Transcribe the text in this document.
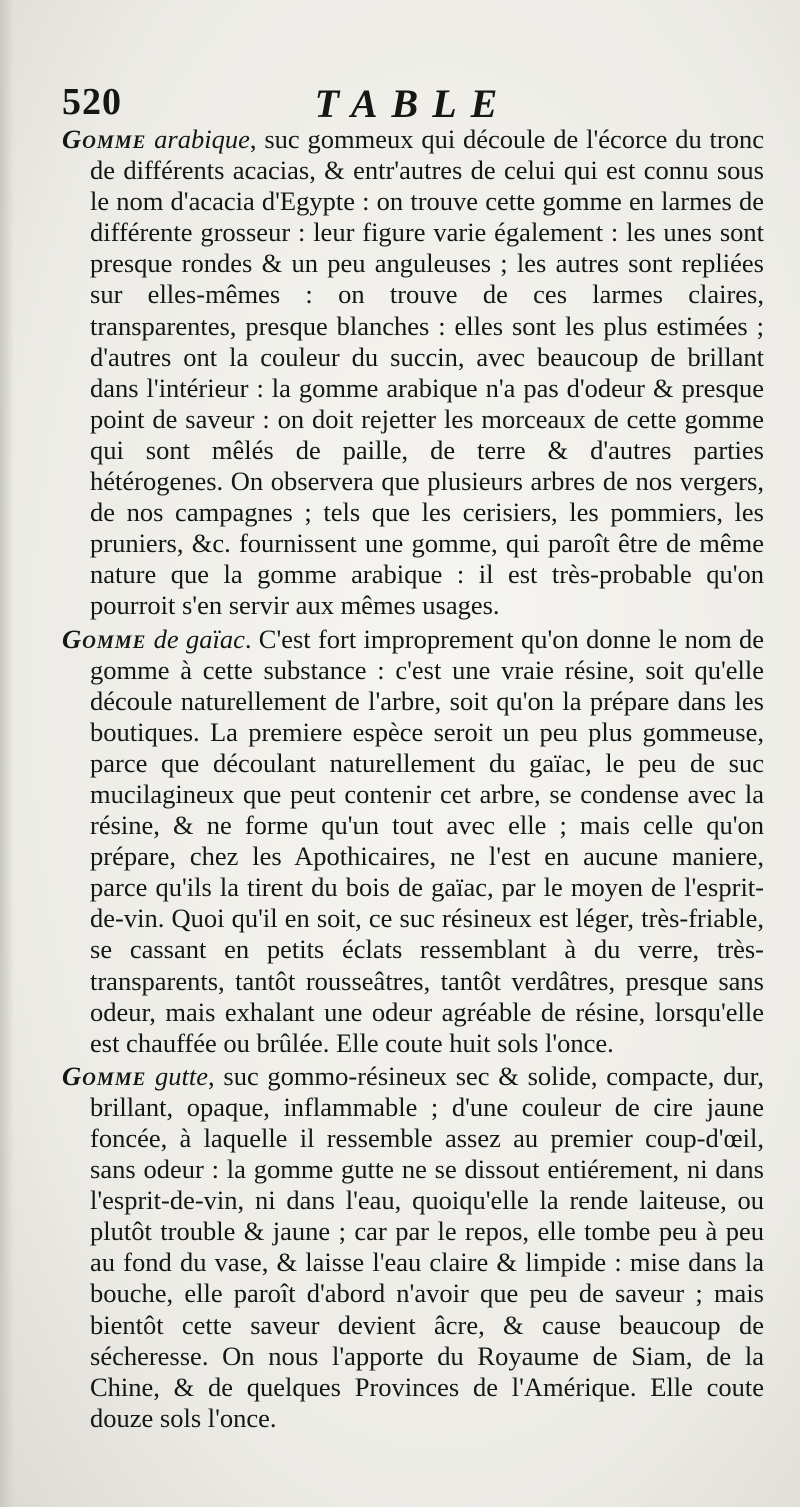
520	TABLE

Gomme arabique, suc gommeux qui découle de l'écorce du tronc de différents acacias, & entr'autres de celui qui est connu sous le nom d'acacia d'Egypte : on trouve cette gomme en larmes de différente grosseur : leur figure varie également : les unes sont presque rondes & un peu anguleuses ; les autres sont repliées sur elles-mêmes : on trouve de ces larmes claires, transparentes, presque blanches : elles sont les plus estimées ; d'autres ont la couleur du succin, avec beaucoup de brillant dans l'intérieur : la gomme arabique n'a pas d'odeur & presque point de saveur : on doit rejetter les morceaux de cette gomme qui sont mêlés de paille, de terre & d'autres parties hétérogenes. On observera que plusieurs arbres de nos vergers, de nos campagnes ; tels que les cerisiers, les pommiers, les pruniers, &c. fournissent une gomme, qui paroît être de même nature que la gomme arabique : il est très-probable qu'on pourroit s'en servir aux mêmes usages.

Gomme de gaïac. C'est fort improprement qu'on donne le nom de gomme à cette substance : c'est une vraie résine, soit qu'elle découle naturellement de l'arbre, soit qu'on la prépare dans les boutiques. La premiere espèce seroit un peu plus gommeuse, parce que découlant naturellement du gaïac, le peu de suc mucilagineux que peut contenir cet arbre, se condense avec la résine, & ne forme qu'un tout avec elle ; mais celle qu'on prépare, chez les Apothicaires, ne l'est en aucune maniere, parce qu'ils la tirent du bois de gaïac, par le moyen de l'esprit-de-vin. Quoi qu'il en soit, ce suc résineux est léger, très-friable, se cassant en petits éclats ressemblant à du verre, très-transparents, tantôt rousseâtres, tantôt verdâtres, presque sans odeur, mais exhalant une odeur agréable de résine, lorsqu'elle est chauffée ou brûlée. Elle coute huit sols l'once.

Gomme gutte, suc gommo-résineux sec & solide, compacte, dur, brillant, opaque, inflammable ; d'une couleur de cire jaune foncée, à laquelle il ressemble assez au premier coup-d'œil, sans odeur : la gomme gutte ne se dissout entiérement, ni dans l'esprit-de-vin, ni dans l'eau, quoiqu'elle la rende laiteuse, ou plutôt trouble & jaune ; car par le repos, elle tombe peu à peu au fond du vase, & laisse l'eau claire & limpide : mise dans la bouche, elle paroît d'abord n'avoir que peu de saveur ; mais bientôt cette saveur devient âcre, & cause beaucoup de sécheresse. On nous l'apporte du Royaume de Siam, de la Chine, & de quelques Provinces de l'Amérique. Elle coute douze sols l'once.
